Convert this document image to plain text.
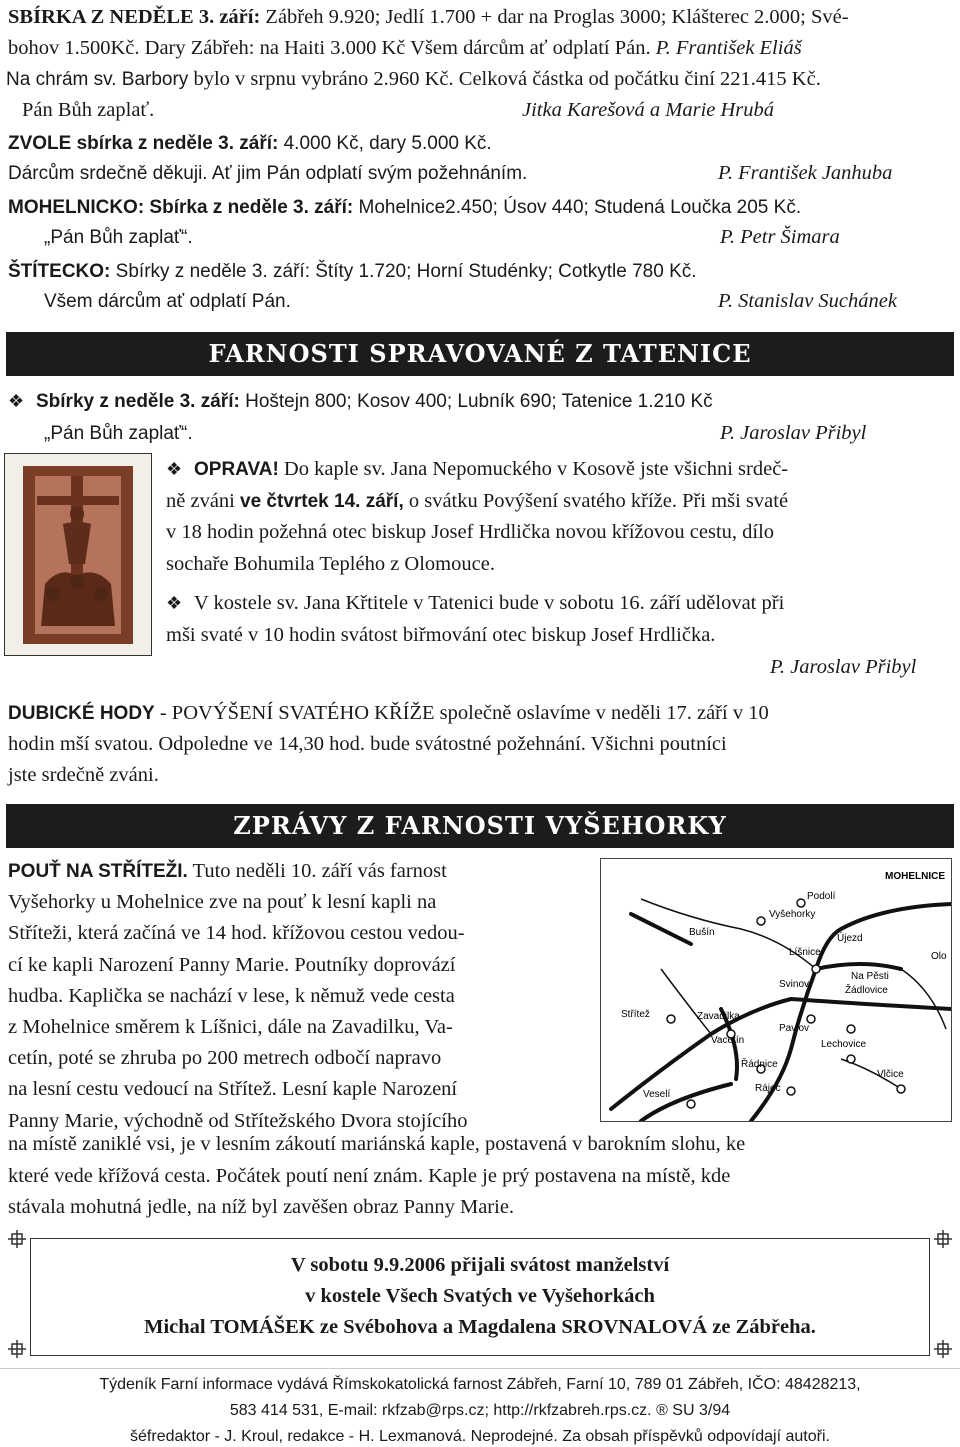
SBÍRKA Z NEDĚLE 3. září: Zábřeh 9.920; Jedlí 1.700 + dar na Proglas 3000; Klášterec 2.000; Své-
bohov 1.500Kč. Dary Zábřeh: na Haiti 3.000 Kč Všem dárcům ať odplatí Pán. P. František Eliáš
Na chrám sv. Barbory bylo v srpnu vybráno 2.960 Kč. Celková částka od počátku činí 221.415 Kč.
Pán Bůh zaplať.	Jitka Karešová a Marie Hrubá
ZVOLE sbírka z neděle 3. září: 4.000 Kč, dary 5.000 Kč.
Dárcům srdečně děkuji. Ať jim Pán odplatí svým požehnáním.	P. František Janhuba
MOHELNICKO: Sbírka z neděle 3. září: Mohelnice2.450; Úsov 440; Studená Loučka 205 Kč.
„Pán Bůh zaplať“.	P. Petr Šimara
ŠTÍTECKO: Sbírky z neděle 3. září: Štíty 1.720; Horní Studénky; Cotkytle 780 Kč.
Všem dárcům ať odplatí Pán.	P. Stanislav Suchánek
FARNOSTI SPRAVOVANÉ Z TATENICE
❖ Sbírky z neděle 3. září: Hoštejn 800; Kosov 400; Lubník 690; Tatenice 1.210 Kč
„Pán Bůh zaplať“.	P. Jaroslav Přibyl
❖ OPRAVA! Do kaple sv. Jana Nepomuckého v Kosově jste všichni srdeč-
ně zváni ve čtvrtek 14. září, o svátku Povýšení svatého kříže. Při mši svaté
v 18 hodin požehná otec biskup Josef Hrdlička novou křížovou cestu, dílo
sochaře Bohumila Teplého z Olomouce.
❖ V kostele sv. Jana Křtitele v Tatenici bude v sobotu 16. září udělovat při
mši svaté v 10 hodin svátost biřmování otec biskup Josef Hrdlička.
P. Jaroslav Přibyl
DUBICKÉ HODY - POVÝŠENÍ SVATÉHO KŘÍŽE společně oslavíme v neděli 17. září v 10
hodin mší svatou. Odpoledne ve 14,30 hod. bude svátostné požehnání. Všichni poutníci
jste srdečně zváni.
ZPRÁVY Z FARNOSTI VYŠEHORKY
POUŤ NA STŘÍTEŽI. Tuto neděli 10. září vás farnost
Vyšehorky u Mohelnice zve na pouť k lesní kapli na
Stříteži, která začíná ve 14 hod. křížovou cestou vedou-
cí ke kapli Narození Panny Marie. Poutníky doprovází
hudba. Kaplička se nachází v lese, k němuž vede cesta
z Mohelnice směrem k Líšnici, dále na Zavadilku, Va-
cetín, poté se zhruba po 200 metrech odbočí napravo
na lesní cestu vedoucí na Střítež. Lesní kaple Narození
Panny Marie, východně od Střítežského Dvora stojícího
MOHELNICE
Podolí
Vyšehorky
Bušín
Újezd
Líšnice	Olo
Na Pěsti
Svinov
Žádlovice
Střítež	Zavadilka
Vacetín
Pavlov
Lechovice
Veselí
Rájec
Řádnice
Vlčice
na místě zaniklé vsi, je v lesním zákoutí mariánská kaple, postavená v barokním slohu, ke
které vede křížová cesta. Počátek poutí není znám. Kaple je prý postavena na místě, kde
stávala mohutná jedle, na níž byl zavěšen obraz Panny Marie.
V sobotu 9.9.2006 přijali svátost manželství
v kostele Všech Svatých ve Vyšehorkách
Michal TOMÁŠEK ze Svébohova a Magdalena SROVNALOVÁ ze Zábřeha.
Týdeník Farní informace vydává Římskokatolická farnost Zábřeh, Farní 10, 789 01 Zábřeh, IČO: 48428213,
583 414 531, E-mail: rkfzab@rps.cz; http://rkfzabreh.rps.cz. ® SU 3/94
šéfredaktor - J. Kroul, redakce - H. Lexmanová. Neprodejné. Za obsah příspěvků odpovídají autoři.
